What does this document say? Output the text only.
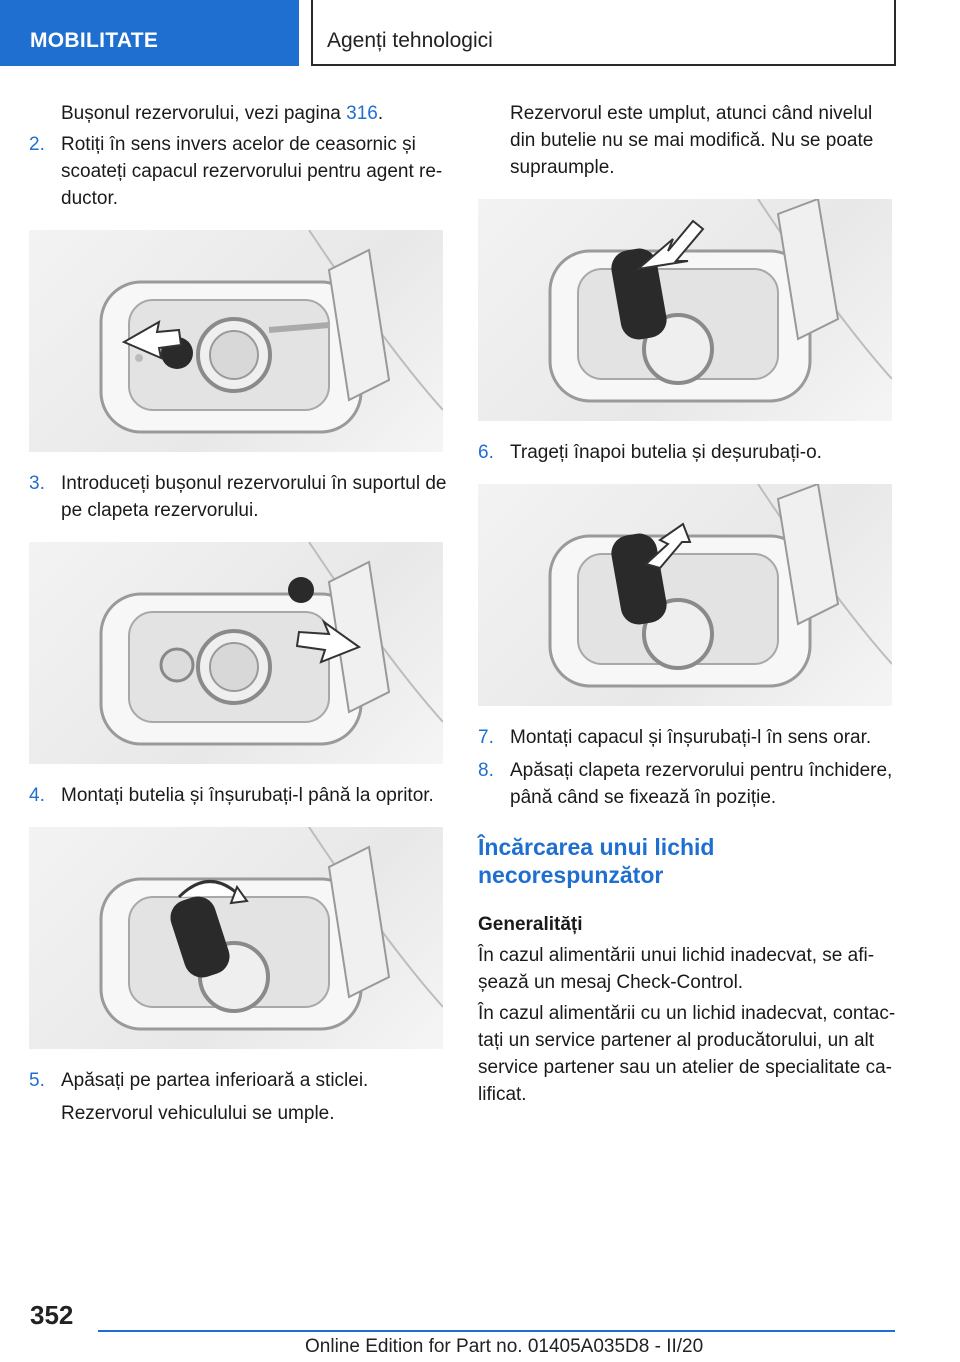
MOBILITATE	Agenți tehnologici
Bușonul rezervorului, vezi pagina 316.
2. Rotiți în sens invers acelor de ceasornic și scoateți capacul rezervorului pentru agent re-ductor.
3. Introduceți bușonul rezervorului în suportul de pe clapeta rezervorului.
4. Montați butelia și înșurubați-l până la opritor.
5. Apăsați pe partea inferioară a sticlei.
Rezervorul vehiculului se umple.
Rezervorul este umplut, atunci când nivelul din butelie nu se mai modifică. Nu se poate supraumple.
6. Trageți înapoi butelia și deșurubați-o.
7. Montați capacul și înșurubați-l în sens orar.
8. Apăsați clapeta rezervorului pentru închidere, până când se fixează în poziție.
Încărcarea unui lichid necorespunzător
Generalități
În cazul alimentării unui lichid inadecvat, se afi-șează un mesaj Check-Control.
În cazul alimentării cu un lichid inadecvat, contac-tați un service partener al producătorului, un alt service partener sau un atelier de specialitate ca-lificat.
352
Online Edition for Part no. 01405A035D8 - II/20
